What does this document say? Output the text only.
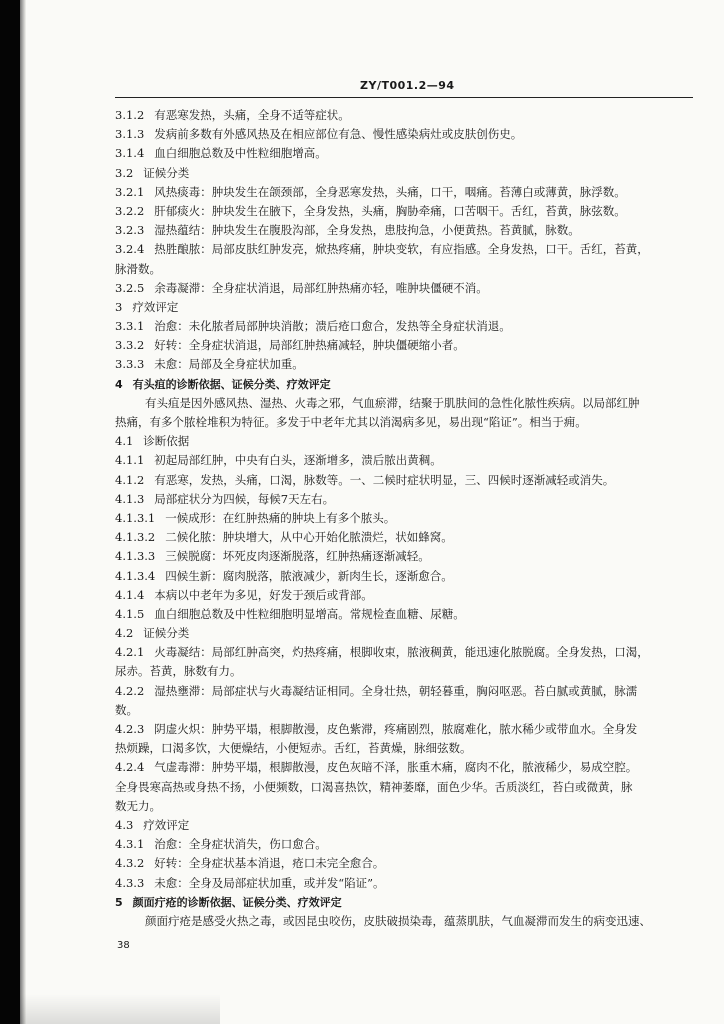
ZY/T001.2—94
3.1.2 有恶寒发热，头痛，全身不适等症状。
3.1.3 发病前多数有外感风热及在相应部位有急、慢性感染病灶或皮肤创伤史。
3.1.4 血白细胞总数及中性粒细胞增高。
3.2 证候分类
3.2.1 风热痰毒：肿块发生在颌颈部，全身恶寒发热，头痛，口干，咽痛。苔薄白或薄黄，脉浮数。
3.2.2 肝郁痰火：肿块发生在腋下，全身发热，头痛，胸胁牵痛，口苦咽干。舌红，苔黄，脉弦数。
3.2.3 湿热蕴结：肿块发生在腹股沟部，全身发热，患肢拘急，小便黄热。苔黄腻，脉数。
3.2.4 热胜酿脓：局部皮肤红肿发亮，焮热疼痛，肿块变软，有应指感。全身发热，口干。舌红，苔黄，
脉滑数。
3.2.5 余毒凝滞：全身症状消退，局部红肿热痛亦轻，唯肿块僵硬不消。
3 疗效评定
3.3.1 治愈：未化脓者局部肿块消散；溃后疮口愈合，发热等全身症状消退。
3.3.2 好转：全身症状消退，局部红肿热痛减轻，肿块僵硬缩小者。
3.3.3 未愈：局部及全身症状加重。
4 有头疽的诊断依据、证候分类、疗效评定
有头疽是因外感风热、湿热、火毒之邪，气血瘀滞，结聚于肌肤间的急性化脓性疾病。以局部红肿
热痛，有多个脓栓堆积为特征。多发于中老年尤其以消渴病多见，易出现“陷证”。相当于痈。
4.1 诊断依据
4.1.1 初起局部红肿，中央有白头，逐渐增多，溃后脓出黄稠。
4.1.2 有恶寒，发热，头痛，口渴，脉数等。一、二候时症状明显，三、四候时逐渐减轻或消失。
4.1.3 局部症状分为四候，每候7天左右。
4.1.3.1 一候成形：在红肿热痛的肿块上有多个脓头。
4.1.3.2 二候化脓：肿块增大，从中心开始化脓溃烂，状如蜂窝。
4.1.3.3 三候脱腐：坏死皮肉逐渐脱落，红肿热痛逐渐减轻。
4.1.3.4 四候生新：腐肉脱落，脓液减少，新肉生长，逐渐愈合。
4.1.4 本病以中老年为多见，好发于颈后或背部。
4.1.5 血白细胞总数及中性粒细胞明显增高。常规检查血糖、尿糖。
4.2 证候分类
4.2.1 火毒凝结：局部红肿高突，灼热疼痛，根脚收束，脓液稠黄，能迅速化脓脱腐。全身发热，口渴，
尿赤。苔黄，脉数有力。
4.2.2 湿热壅滞：局部症状与火毒凝结证相同。全身壮热，朝轻暮重，胸闷呕恶。苔白腻或黄腻，脉濡
数。
4.2.3 阴虚火炽：肿势平塌，根脚散漫，皮色紫滞，疼痛剧烈，脓腐难化，脓水稀少或带血水。全身发
热烦躁，口渴多饮，大便燥结，小便短赤。舌红，苔黄燥，脉细弦数。
4.2.4 气虚毒滞：肿势平塌，根脚散漫，皮色灰暗不泽，胀重木痛，腐肉不化，脓液稀少，易成空腔。
全身畏寒高热或身热不扬，小便频数，口渴喜热饮，精神萎靡，面色少华。舌质淡红，苔白或微黄，脉
数无力。
4.3 疗效评定
4.3.1 治愈：全身症状消失，伤口愈合。
4.3.2 好转：全身症状基本消退，疮口未完全愈合。
4.3.3 未愈：全身及局部症状加重，或并发“陷证”。
5 颜面疔疮的诊断依据、证候分类、疗效评定
颜面疔疮是感受火热之毒，或因昆虫咬伤，皮肤破损染毒，蕴蒸肌肤，气血凝滞而发生的病变迅速、
38
